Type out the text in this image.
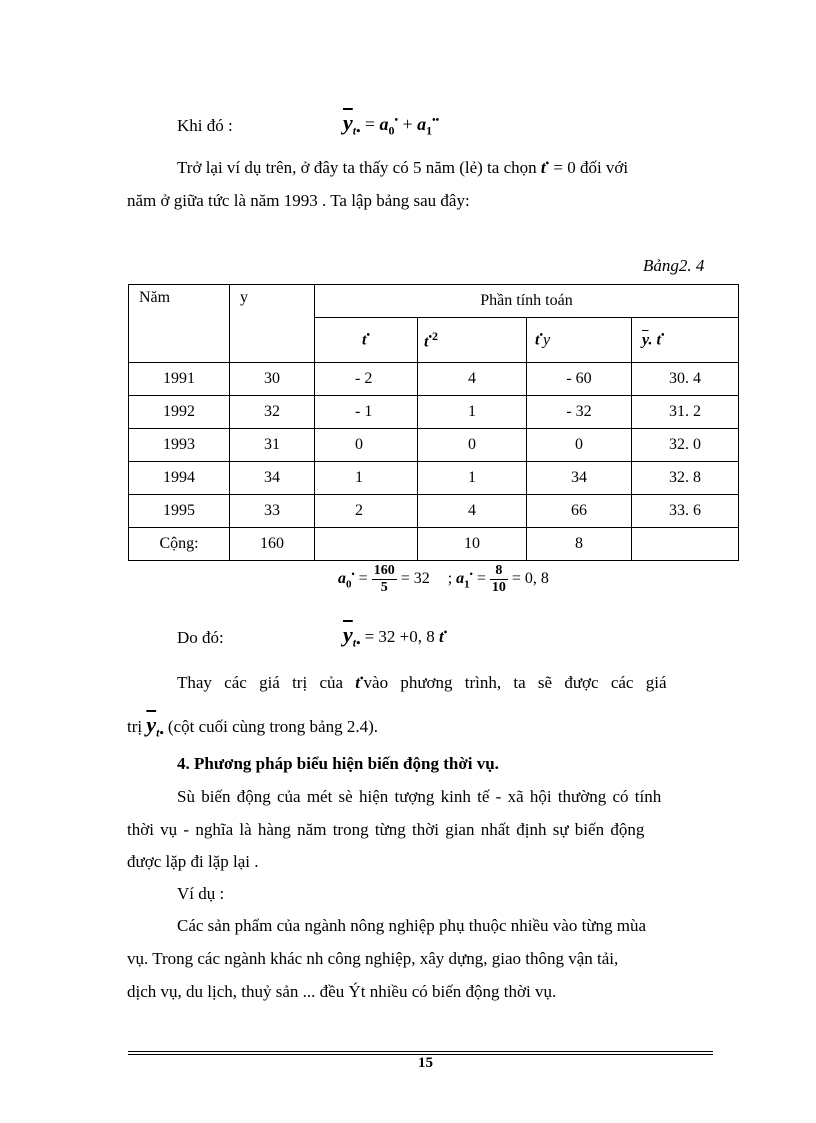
Khi đó :	$\overline{y}_{t•} = a_0^• + a_1^{••}$
Trở lại ví dụ trên, ở đây ta thấy có 5 năm (lẻ) ta chọn t• = 0 đối với
năm ở giữa tức là năm 1993 . Ta lập bảng sau đây:
Bảng2. 4
Năm	y	Phần tính toán			
		t•	$t^{•2}$	t•y	$\overline{y}$. t•
1991	30	- 2	4	- 60	30. 4
1992	32	- 1	1	- 32	31. 2
1993	31	0	0	0	32. 0
1994	34	1	1	34	32. 8
1995	33	2	4	66	33. 6
Cộng:	160		10	8	
$a_0^• = \frac{160}{5} = 32$ ; $a_1^• = \frac{8}{10} = 0$, 8
Do đó:	$\overline{y}_{t•} = 32 +0$, 8 t•
Thay các giá trị của t•vào phương trình, ta sẽ được các giá
trị $\overline{y}_{t•}$ (cột cuối cùng trong bảng 2.4).
4. Phương pháp biểu hiện biến động thời vụ.
Sù biến động của mét sè hiện tượng kinh tế - xã hội thường có tính
thời vụ - nghĩa là hàng năm trong từng thời gian nhất định sự biến động
được lặp đi lặp lại .
Ví dụ :
Các sản phẩm của ngành nông nghiệp phụ thuộc nhiều vào từng mùa
vụ. Trong các ngành khác nh công nghiệp, xây dựng, giao thông vận tải,
dịch vụ, du lịch, thuỷ sản ... đều Ýt nhiều có biến động thời vụ.
15
